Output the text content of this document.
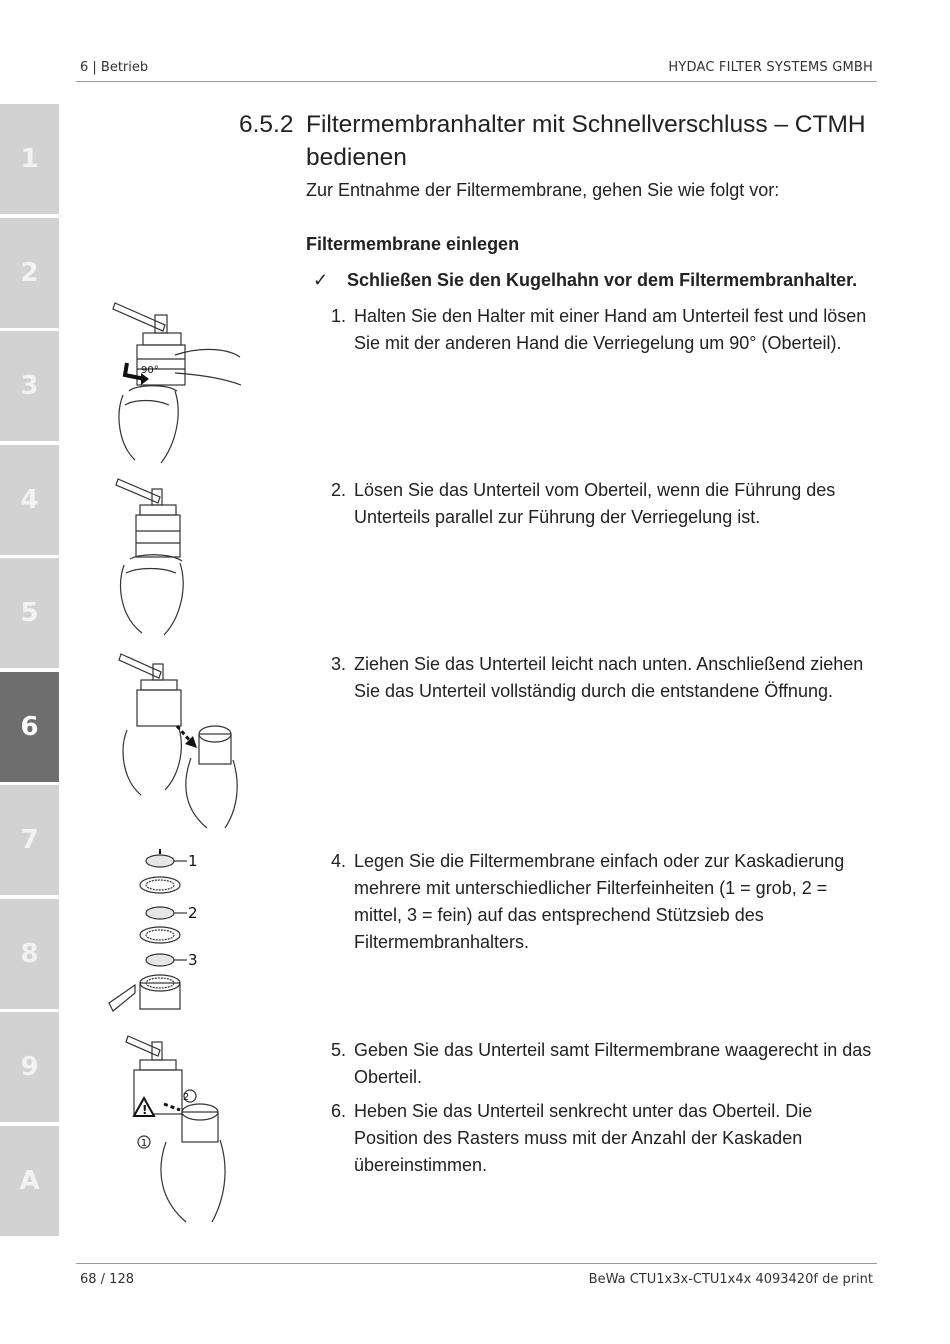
6 | Betrieb	HYDAC FILTER SYSTEMS GMBH
1
2
3
4
5
6
7
8
9
A
6.5.2 Filtermembranhalter mit Schnellverschluss – CTMH bedienen
Zur Entnahme der Filtermembrane, gehen Sie wie folgt vor:
Filtermembrane einlegen
✓ Schließen Sie den Kugelhahn vor dem Filtermembranhalter.
1. Halten Sie den Halter mit einer Hand am Unterteil fest und lösen Sie mit der anderen Hand die Verriegelung um 90° (Oberteil).
2. Lösen Sie das Unterteil vom Oberteil, wenn die Führung des Unterteils parallel zur Führung der Verriegelung ist.
3. Ziehen Sie das Unterteil leicht nach unten. Anschließend ziehen Sie das Unterteil vollständig durch die entstandene Öffnung.
4. Legen Sie die Filtermembrane einfach oder zur Kaskadierung mehrere mit unterschiedlicher Filterfeinheiten (1 = grob, 2 = mittel, 3 = fein) auf das entsprechend Stützsieb des Filtermembranhalters.
5. Geben Sie das Unterteil samt Filtermembrane waagerecht in das Oberteil.
6. Heben Sie das Unterteil senkrecht unter das Oberteil. Die Position des Rasters muss mit der Anzahl der Kaskaden übereinstimmen.
90°
1
2
3
!
2
1
68 / 128	BeWa CTU1x3x-CTU1x4x 4093420f de print
